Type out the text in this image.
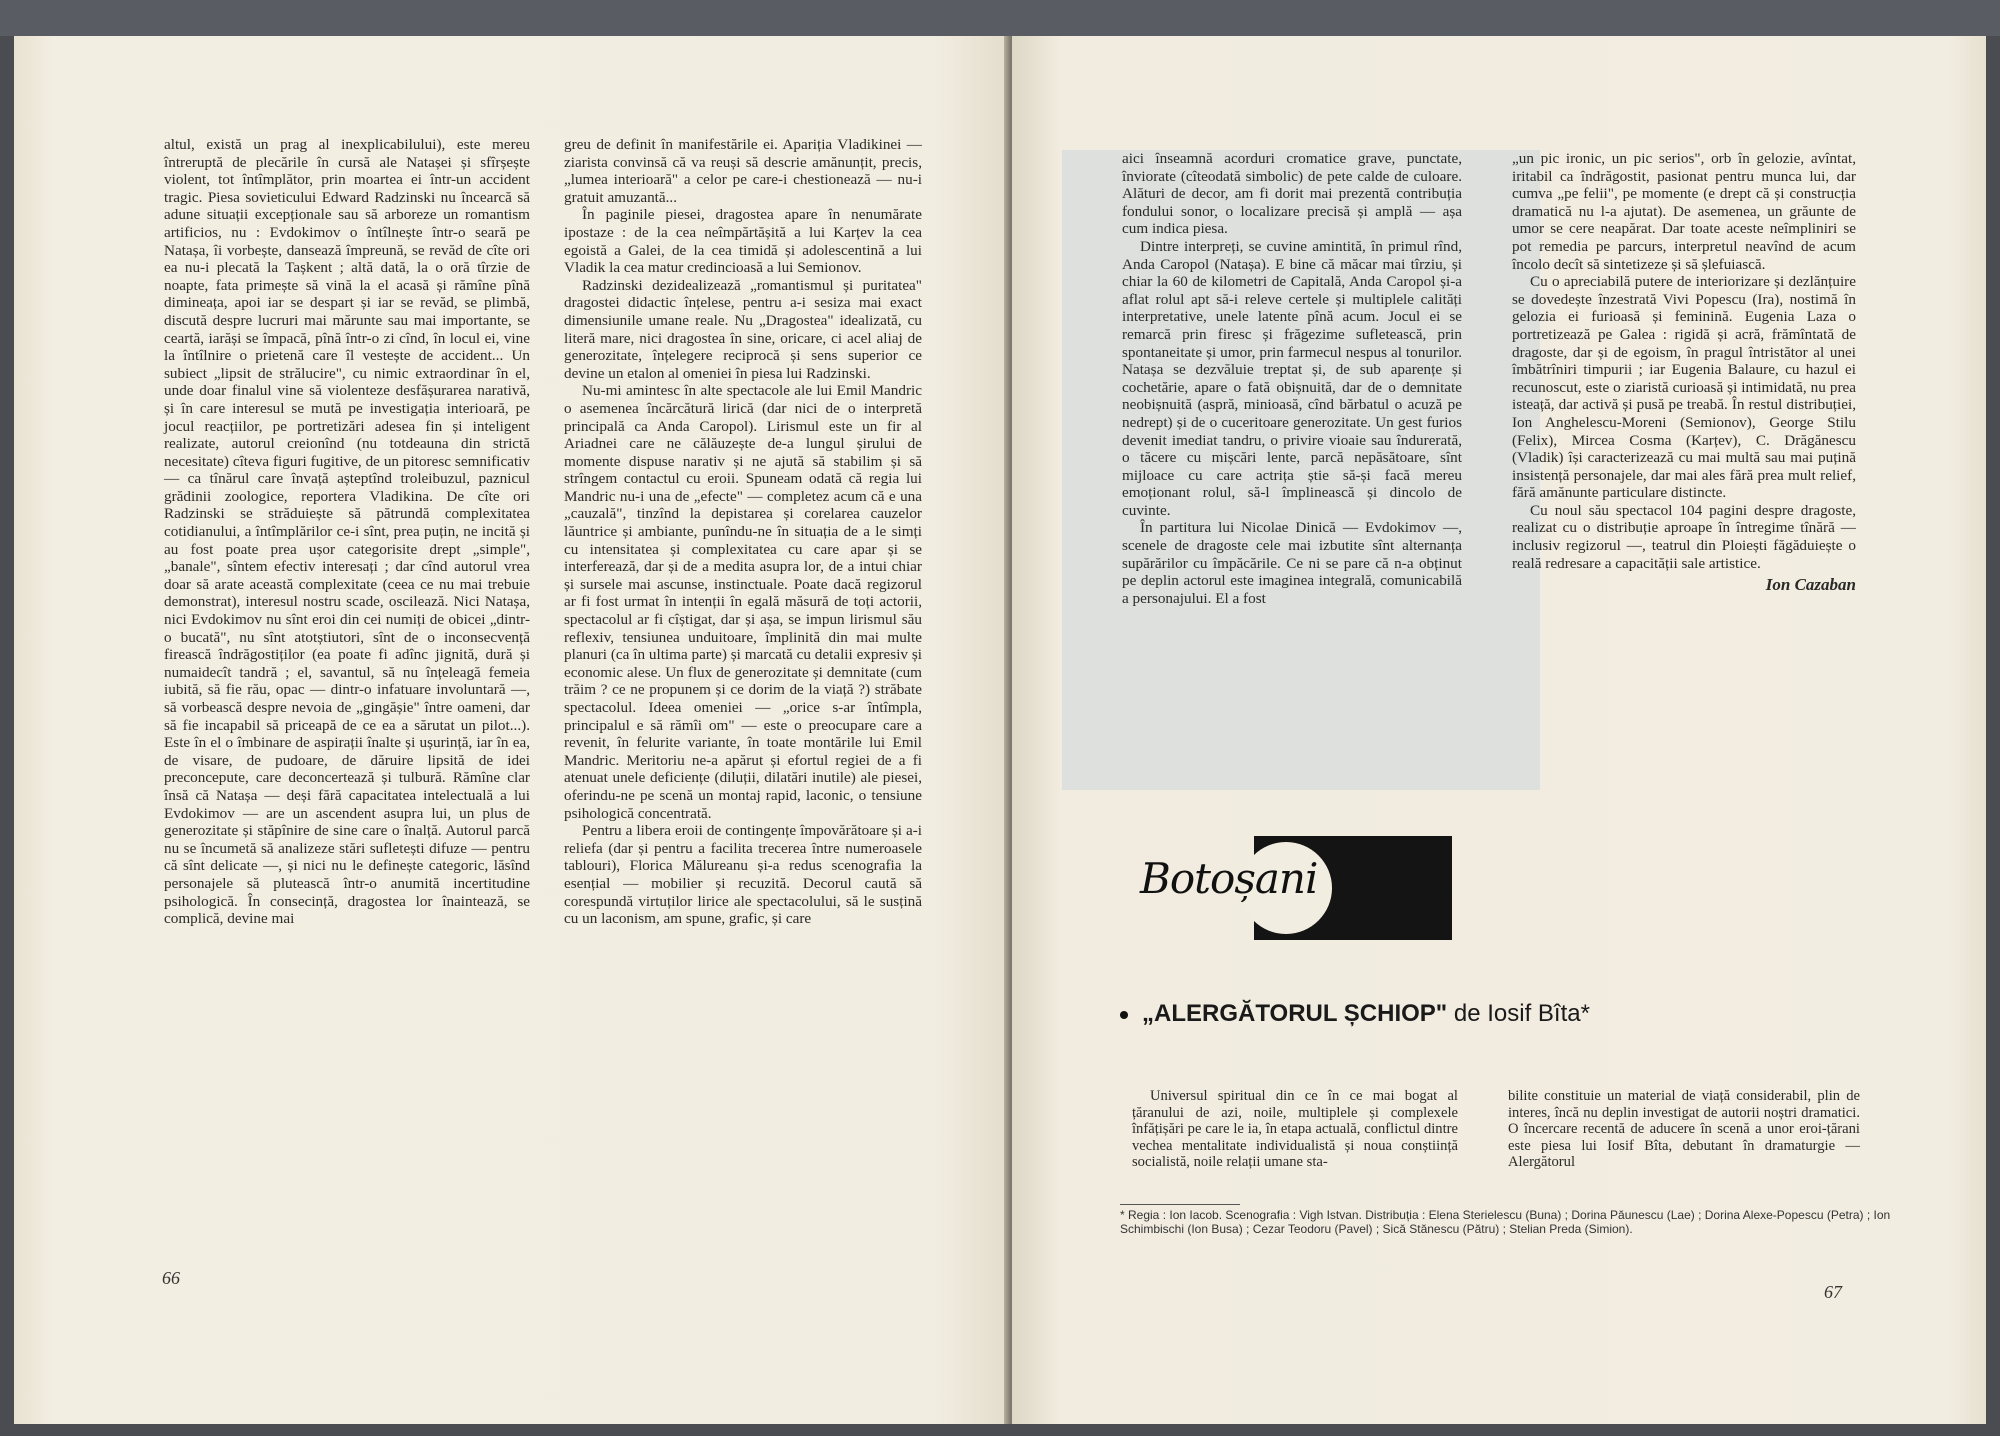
altul, există un prag al inexplicabilului), este mereu întreruptă de plecările în cursă ale Natașei și sfîrșește violent, tot întîmplător, prin moartea ei într-un accident tragic. Piesa sovieticului Edward Radzinski nu încearcă să adune situații excepționale sau să arboreze un romantism artificios, nu : Evdokimov o întîlnește într-o seară pe Natașa, îi vorbește, dansează împreună, se revăd de cîte ori ea nu-i plecată la Tașkent ; altă dată, la o oră tîrzie de noapte, fata primește să vină la el acasă și rămîne pînă dimineața, apoi iar se despart și iar se revăd, se plimbă, discută despre lucruri mai mărunte sau mai importante, se ceartă, iarăși se împacă, pînă într-o zi cînd, în locul ei, vine la întîlnire o prietenă care îl vestește de accident... Un subiect „lipsit de strălucire", cu nimic extraordinar în el, unde doar finalul vine să violenteze desfășurarea narativă, și în care interesul se mută pe investigația interioară, pe jocul reacțiilor, pe portretizări adesea fin și inteligent realizate, autorul creionînd (nu totdeauna din strictă necesitate) cîteva figuri fugitive, de un pitoresc semnificativ — ca tînărul care învață așteptînd troleibuzul, paznicul grădinii zoologice, reportera Vladikina. De cîte ori Radzinski se străduiește să pătrundă complexitatea cotidianului, a întîmplărilor ce-i sînt, prea puțin, ne incită și au fost poate prea ușor categorisite drept „simple", „banale", sîntem efectiv interesați ; dar cînd autorul vrea doar să arate această complexitate (ceea ce nu mai trebuie demonstrat), interesul nostru scade, oscilează. Nici Natașa, nici Evdokimov nu sînt eroi din cei numiți de obicei „dintr-o bucată", nu sînt atotștiutori, sînt de o inconsecvență firească îndrăgostiților (ea poate fi adînc jignită, dură și numaidecît tandră ; el, savantul, să nu înțeleagă femeia iubită, să fie rău, opac — dintr-o infatuare involuntară —, să vorbească despre nevoia de „gingășie" între oameni, dar să fie incapabil să priceapă de ce ea a sărutat un pilot...). Este în el o îmbinare de aspirații înalte și ușurință, iar în ea, de visare, de pudoare, de dăruire lipsită de idei preconcepute, care deconcertează și tulbură. Rămîne clar însă că Natașa — deși fără capacitatea intelectuală a lui Evdokimov — are un ascendent asupra lui, un plus de generozitate și stăpînire de sine care o înalță. Autorul parcă nu se încumetă să analizeze stări sufletești difuze — pentru că sînt delicate —, și nici nu le definește categoric, lăsînd personajele să plutească într-o anumită incertitudine psihologică. În consecință, dragostea lor înaintează, se complică, devine mai

greu de definit în manifestările ei. Apariția Vladikinei — ziarista convinsă că va reuși să descrie amănunțit, precis, „lumea interioară" a celor pe care-i chestionează — nu-i gratuit amuzantă...

În paginile piesei, dragostea apare în nenumărate ipostaze : de la cea neîmpărtășită a lui Karțev la cea egoistă a Galei, de la cea timidă și adolescentină a lui Vladik la cea matur credincioasă a lui Semionov.

Radzinski dezidealizează „romantismul și puritatea" dragostei didactic înțelese, pentru a-i sesiza mai exact dimensiunile umane reale. Nu „Dragostea" idealizată, cu literă mare, nici dragostea în sine, oricare, ci acel aliaj de generozitate, înțelegere reciprocă și sens superior ce devine un etalon al omeniei în piesa lui Radzinski.

Nu-mi amintesc în alte spectacole ale lui Emil Mandric o asemenea încărcătură lirică (dar nici de o interpretă principală ca Anda Caropol). Lirismul este un fir al Ariadnei care ne călăuzește de-a lungul șirului de momente dispuse narativ și ne ajută să stabilim și să strîngem contactul cu eroii. Spuneam odată că regia lui Mandric nu-i una de „efecte" — completez acum că e una „cauzală", tinzînd la depistarea și corelarea cauzelor lăuntrice și ambiante, punîndu-ne în situația de a le simți cu intensitatea și complexitatea cu care apar și se interferează, dar și de a medita asupra lor, de a intui chiar și sursele mai ascunse, instinctuale. Poate dacă regizorul ar fi fost urmat în intenții în egală măsură de toți actorii, spectacolul ar fi cîștigat, dar și așa, se impun lirismul său reflexiv, tensiunea unduitoare, împlinită din mai multe planuri (ca în ultima parte) și marcată cu detalii expresiv și economic alese. Un flux de generozitate și demnitate (cum trăim ? ce ne propunem și ce dorim de la viață ?) străbate spectacolul. Ideea omeniei — „orice s-ar întîmpla, principalul e să rămîi om" — este o preocupare care a revenit, în felurite variante, în toate montările lui Emil Mandric. Meritoriu ne-a apărut și efortul regiei de a fi atenuat unele deficiențe (diluții, dilatări inutile) ale piesei, oferindu-ne pe scenă un montaj rapid, laconic, o tensiune psihologică concentrată.

Pentru a libera eroii de contingențe împovărătoare și a-i reliefa (dar și pentru a facilita trecerea între numeroasele tablouri), Florica Mălureanu și-a redus scenografia la esențial — mobilier și recuzită. Decorul caută să corespundă virtuților lirice ale spectacolului, să le susțină cu un laconism, am spune, grafic, și care

66

aici înseamnă acorduri cromatice grave, punctate, înviorate (cîteodată simbolic) de pete calde de culoare. Alături de decor, am fi dorit mai prezentă contribuția fondului sonor, o localizare precisă și amplă — așa cum indica piesa.

Dintre interpreți, se cuvine amintită, în primul rînd, Anda Caropol (Natașa). E bine că măcar mai tîrziu, și chiar la 60 de kilometri de Capitală, Anda Caropol și-a aflat rolul apt să-i releve certele și multiplele calități interpretative, unele latente pînă acum. Jocul ei se remarcă prin firesc și frăgezime sufletească, prin spontaneitate și umor, prin farmecul nespus al tonurilor. Natașa se dezvăluie treptat și, de sub aparențe și cochetărie, apare o fată obișnuită, dar de o demnitate neobișnuită (aspră, minioasă, cînd bărbatul o acuză pe nedrept) și de o cuceritoare generozitate. Un gest furios devenit imediat tandru, o privire vioaie sau îndurerată, o tăcere cu mișcări lente, parcă nepăsătoare, sînt mijloace cu care actrița știe să-și facă mereu emoționant rolul, să-l împlinească și dincolo de cuvinte.

În partitura lui Nicolae Dinică — Evdokimov —, scenele de dragoste cele mai izbutite sînt alternanța supărărilor cu împăcările. Ce ni se pare că n-a obținut pe deplin actorul este imaginea integrală, comunicabilă a personajului. El a fost

„un pic ironic, un pic serios", orb în gelozie, avîntat, iritabil ca îndrăgostit, pasionat pentru munca lui, dar cumva „pe felii", pe momente (e drept că și construcția dramatică nu l-a ajutat). De asemenea, un grăunte de umor se cere neapărat. Dar toate aceste neîmpliniri se pot remedia pe parcurs, interpretul neavînd de acum încolo decît să sintetizeze și să șlefuiască.

Cu o apreciabilă putere de interiorizare și dezlănțuire se dovedește înzestrată Vivi Popescu (Ira), nostimă în gelozia ei furioasă și feminină. Eugenia Laza o portretizează pe Galea : rigidă și acră, frămîntată de dragoste, dar și de egoism, în pragul întristător al unei îmbătrîniri timpurii ; iar Eugenia Balaure, cu hazul ei recunoscut, este o ziaristă curioasă și intimidată, nu prea isteață, dar activă și pusă pe treabă. În restul distribuției, Ion Anghelescu-Moreni (Semionov), George Stilu (Felix), Mircea Cosma (Karțev), C. Drăgănescu (Vladik) își caracterizează cu mai multă sau mai puțină insistență personajele, dar mai ales fără prea mult relief, fără amănunte particulare distincte.

Cu noul său spectacol 104 pagini despre dragoste, realizat cu o distribuție aproape în întregime tînără — inclusiv regizorul —, teatrul din Ploiești făgăduiește o reală redresare a capacității sale artistice.

Ion Cazaban
Botoșani
„ALERGĂTORUL ȘCHIOP" de Iosif Bîta*

Universul spiritual din ce în ce mai bogat al țăranului de azi, noile, multiplele și complexele înfățișări pe care le ia, în etapa actuală, conflictul dintre vechea mentalitate individualistă și noua conștiință socialistă, noile relații umane sta-

bilite constituie un material de viață considerabil, plin de interes, încă nu deplin investigat de autorii noștri dramatici. O încercare recentă de aducere în scenă a unor eroi-țărani este piesa lui Iosif Bîta, debutant în dramaturgie — Alergătorul

* Regia : Ion Iacob. Scenografia : Vigh Istvan. Distribuția : Elena Sterielescu (Buna) ; Dorina Păunescu (Lae) ; Dorina Alexe-Popescu (Petra) ; Ion Schimbischi (Ion Busa) ; Cezar Teodoru (Pavel) ; Sică Stănescu (Pătru) ; Stelian Preda (Simion).
67
